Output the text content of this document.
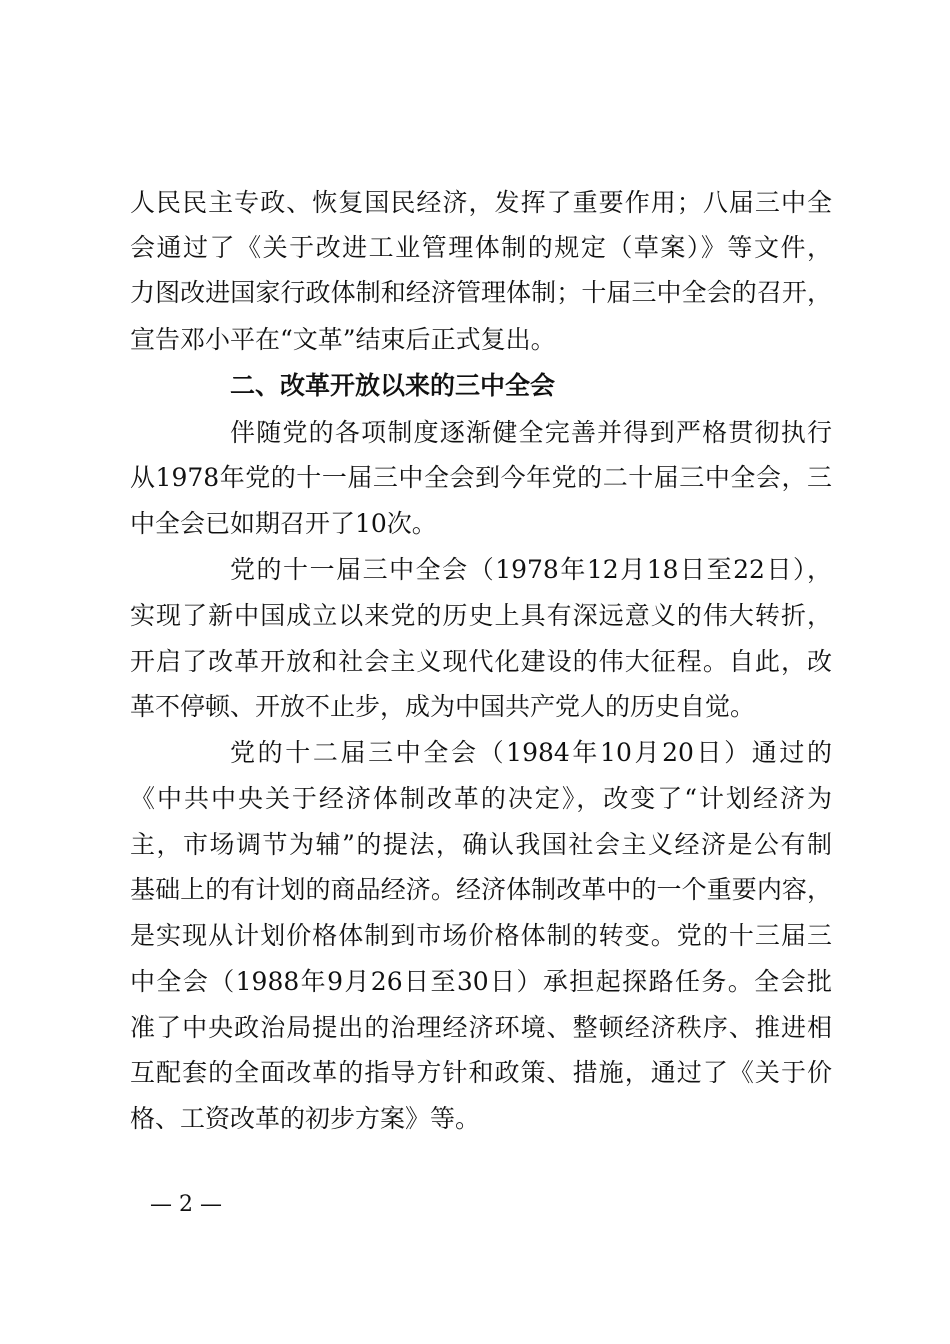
人民民主专政、恢复国民经济，发挥了重要作用；八届三中全
会通过了《关于改进工业管理体制的规定（草案）》等文件，
力图改进国家行政体制和经济管理体制；十届三中全会的召开，
宣告邓小平在“文革”结束后正式复出。
二、改革开放以来的三中全会
伴随党的各项制度逐渐健全完善并得到严格贯彻执行
从1978年党的十一届三中全会到今年党的二十届三中全会，三
中全会已如期召开了10次。
党的十一届三中全会（1978年12月18日至22日），
实现了新中国成立以来党的历史上具有深远意义的伟大转折，
开启了改革开放和社会主义现代化建设的伟大征程。自此，改
革不停顿、开放不止步，成为中国共产党人的历史自觉。
党的十二届三中全会（1984年10月20日）通过的
《中共中央关于经济体制改革的决定》，改变了“计划经济为
主，市场调节为辅”的提法，确认我国社会主义经济是公有制
基础上的有计划的商品经济。经济体制改革中的一个重要内容，
是实现从计划价格体制到市场价格体制的转变。党的十三届三
中全会（1988年9月26日至30日）承担起探路任务。全会批
准了中央政治局提出的治理经济环境、整顿经济秩序、推进相
互配套的全面改革的指导方针和政策、措施，通过了《关于价
格、工资改革的初步方案》等。
— 2 —
